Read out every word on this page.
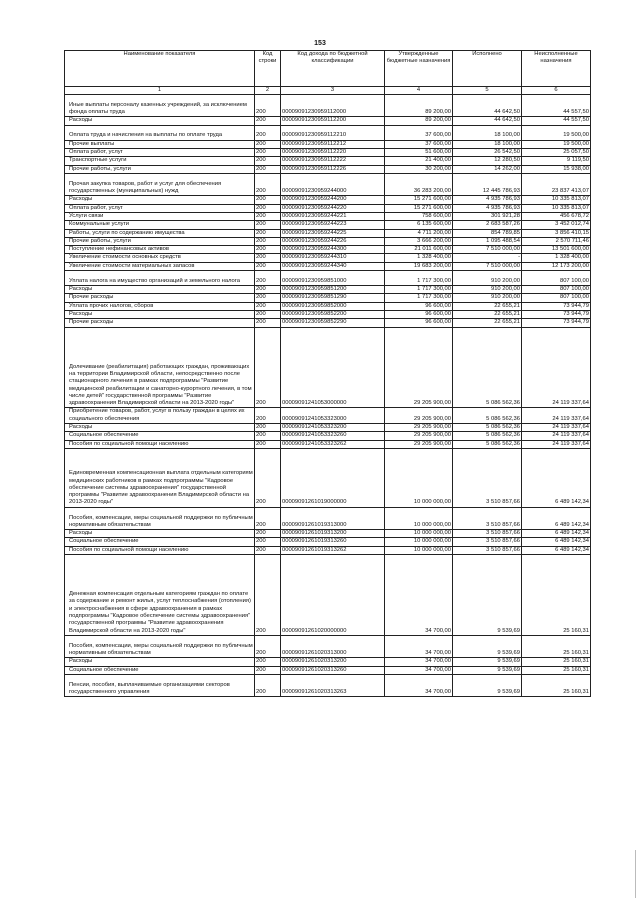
153
Наименование показателя	Код строки	Код дохода по бюджетной классификации	Утвержденные бюджетные назначения	Исполнено	Неисполненные назначения
1	2	3	4	5	6
Иные выплаты персоналу казенных учреждений, за исключением фонда оплаты труда	200	00009091230959112000	89 200,00	44 642,50	44 557,50
Расходы	200	00009091230959112200	89 200,00	44 642,50	44 557,50
Оплата труда и начисления на выплаты по оплате труда	200	00009091230959112210	37 600,00	18 100,00	19 500,00
Прочие выплаты	200	00009091230959112212	37 600,00	18 100,00	19 500,00
Оплата работ, услуг	200	00009091230959112220	51 600,00	26 542,50	25 057,50
Транспортные услуги	200	00009091230959112222	21 400,00	12 280,50	9 119,50
Прочие работы, услуги	200	00009091230959112226	30 200,00	14 262,00	15 938,00
Прочая закупка товаров, работ и услуг для обеспечения государственных (муниципальных) нужд	200	00009091230959244000	36 283 200,00	12 445 786,93	23 837 413,07
Расходы	200	00009091230959244200	15 271 600,00	4 935 786,93	10 335 813,07
Оплата работ, услуг	200	00009091230959244220	15 271 600,00	4 935 786,93	10 335 813,07
Услуги связи	200	00009091230959244221	758 600,00	301 921,28	456 678,72
Коммунальные услуги	200	00009091230959244223	6 135 600,00	2 683 587,26	3 452 012,74
Работы, услуги по содержанию имущества	200	00009091230959244225	4 711 200,00	854 789,85	3 856 410,15
Прочие работы, услуги	200	00009091230959244226	3 666 200,00	1 095 488,54	2 570 711,46
Поступление нефинансовых активов	200	00009091230959244300	21 011 600,00	7 510 000,00	13 501 600,00
Увеличение стоимости основных средств	200	00009091230959244310	1 328 400,00	-	1 328 400,00
Увеличение стоимости материальных запасов	200	00009091230959244340	19 683 200,00	7 510 000,00	12 173 200,00
Уплата налога на имущество организаций и земельного налога	200	00009091230959851000	1 717 300,00	910 200,00	807 100,00
Расходы	200	00009091230959851200	1 717 300,00	910 200,00	807 100,00
Прочие расходы	200	00009091230959851290	1 717 300,00	910 200,00	807 100,00
Уплата прочих налогов, сборов	200	00009091230959852000	96 600,00	22 655,21	73 944,79
Расходы	200	00009091230959852200	96 600,00	22 655,21	73 944,79
Прочие расходы	200	00009091230959852290	96 600,00	22 655,21	73 944,79
Долечивание (реабилитация) работающих граждан, проживающих на территории Владимирской области, непосредственно после стационарного лечения в рамках подпрограммы "Развитие медицинской реабилитации и санаторно-курортного лечения, в том числе детей" государственной программы "Развитие здравоохранения Владимирской области на 2013-2020 годы"	200	00009091241053000000	29 205 900,00	5 086 562,36	24 119 337,64
Приобретение товаров, работ, услуг в пользу граждан в целях их социального обеспечения	200	00009091241053323000	29 205 900,00	5 086 562,36	24 119 337,64
Расходы	200	00009091241053323200	29 205 900,00	5 086 562,36	24 119 337,64
Социальное обеспечение	200	00009091241053323260	29 205 900,00	5 086 562,36	24 119 337,64
Пособия по социальной помощи населению	200	00009091241053323262	29 205 900,00	5 086 562,36	24 119 337,64
Единовременная компенсационная выплата отдельным категориям медицинских работников в рамках подпрограммы "Кадровое обеспечение системы здравоохранения" государственной программы "Развитие здравоохранения Владимирской области на 2013-2020 годы"	200	00009091261019000000	10 000 000,00	3 510 857,66	6 489 142,34
Пособия, компенсации, меры социальной поддержки по публичным нормативным обязательствам	200	00009091261019313000	10 000 000,00	3 510 857,66	6 489 142,34
Расходы	200	00009091261019313200	10 000 000,00	3 510 857,66	6 489 142,34
Социальное обеспечение	200	00009091261019313260	10 000 000,00	3 510 857,66	6 489 142,34
Пособия по социальной помощи населению	200	00009091261019313262	10 000 000,00	3 510 857,66	6 489 142,34
Денежная компенсация отдельным категориям граждан по оплате за содержание и ремонт жилья, услуг теплоснабжения (отопления) и электроснабжения в сфере здравоохранения в рамках подпрограммы "Кадровое обеспечение системы здравоохранения" государственной программы "Развитие здравоохранения Владимирской области на 2013-2020 годы"	200	00009091261020000000	34 700,00	9 539,69	25 160,31
Пособия, компенсации, меры социальной поддержки по публичным нормативным обязательствам	200	00009091261020313000	34 700,00	9 539,69	25 160,31
Расходы	200	00009091261020313200	34 700,00	9 539,69	25 160,31
Социальное обеспечение	200	00009091261020313260	34 700,00	9 539,69	25 160,31
Пенсии, пособия, выплачиваемые организациями секторов государственного управления	200	00009091261020313263	34 700,00	9 539,69	25 160,31
